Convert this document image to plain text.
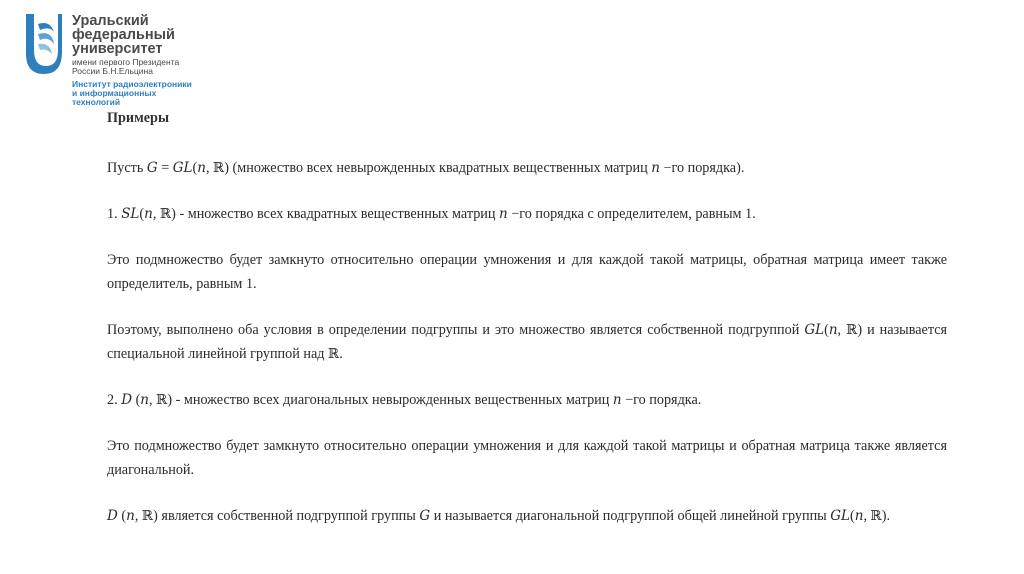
Уральский
федеральный
университет
имени первого Президента
России Б.Н.Ельцина
Институт радиоэлектроники
и информационных
технологий

Примеры

Пусть G = GL(n, ℝ) (множество всех невырожденных квадратных вещественных матриц n −го порядка).

1. SL(n, ℝ) - множество всех квадратных вещественных матриц n −го порядка с определителем, равным 1.

Это подмножество будет замкнуто относительно операции умножения и для каждой такой матрицы, обратная матрица имеет также определитель, равным 1.

Поэтому, выполнено оба условия в определении подгруппы и это множество является собственной подгруппой GL(n, ℝ) и называется специальной линейной группой над ℝ.

2. D (n, ℝ) - множество всех диагональных невырожденных вещественных матриц n −го порядка.

Это подмножество будет замкнуто относительно операции умножения и для каждой такой матрицы и обратная матрица также является диагональной.

D (n, ℝ) является собственной подгруппой группы G и называется диагональной подгруппой общей линейной группы GL(n, ℝ).
